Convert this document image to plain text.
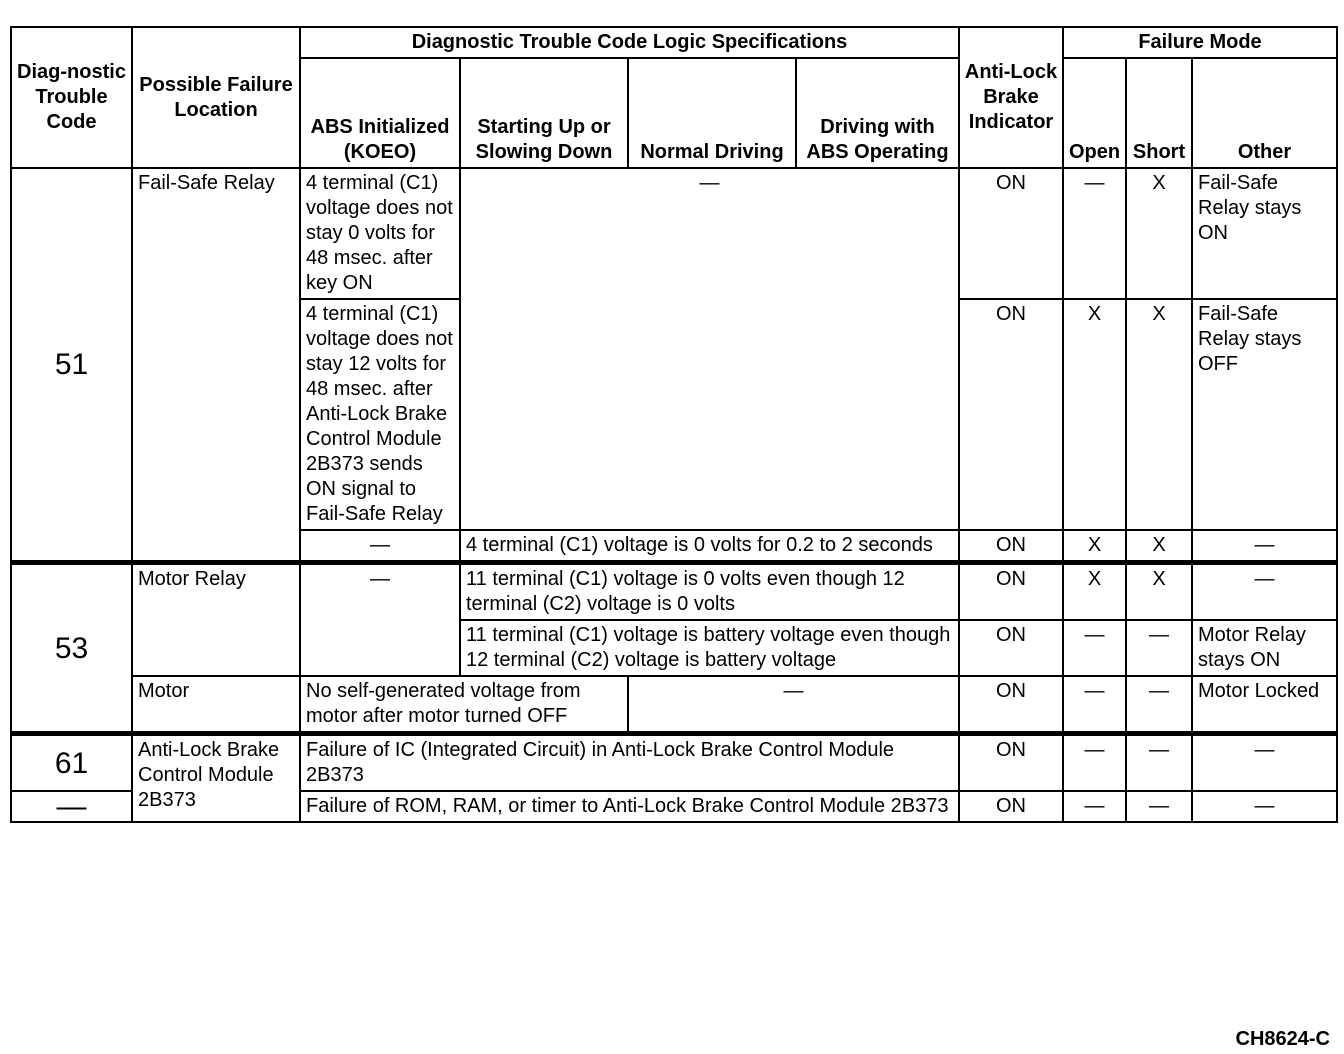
Diag-nostic Trouble Code	Possible Failure Location	Diagnostic Trouble Code Logic Specifications				Anti-Lock Brake Indicator	Failure Mode		
		ABS Initialized (KOEO)	Starting Up or Slowing Down	Normal Driving	Driving with ABS Operating		Open	Short	Other
51	Fail-Safe Relay	4 terminal (C1) voltage does not stay 0 volts for 48 msec. after key ON	—			ON	—	X	Fail-Safe Relay stays ON
		4 terminal (C1) voltage does not stay 12 volts for 48 msec. after Anti-Lock Brake Control Module 2B373 sends ON signal to Fail-Safe Relay				ON	X	X	Fail-Safe Relay stays OFF
		—	4 terminal (C1) voltage is 0 volts for 0.2 to 2 seconds			ON	X	X	—
53	Motor Relay	—	11 terminal (C1) voltage is 0 volts even though 12 terminal (C2) voltage is 0 volts			ON	X	X	—
			11 terminal (C1) voltage is battery voltage even though 12 terminal (C2) voltage is battery voltage			ON	—	—	Motor Relay stays ON
	Motor	No self-generated voltage from motor after motor turned OFF		—		ON	—	—	Motor Locked
61	Anti-Lock Brake Control Module 2B373	Failure of IC (Integrated Circuit) in Anti-Lock Brake Control Module 2B373				ON	—	—	—
—		Failure of ROM, RAM, or timer to Anti-Lock Brake Control Module 2B373				ON	—	—	—
CH8624-C
